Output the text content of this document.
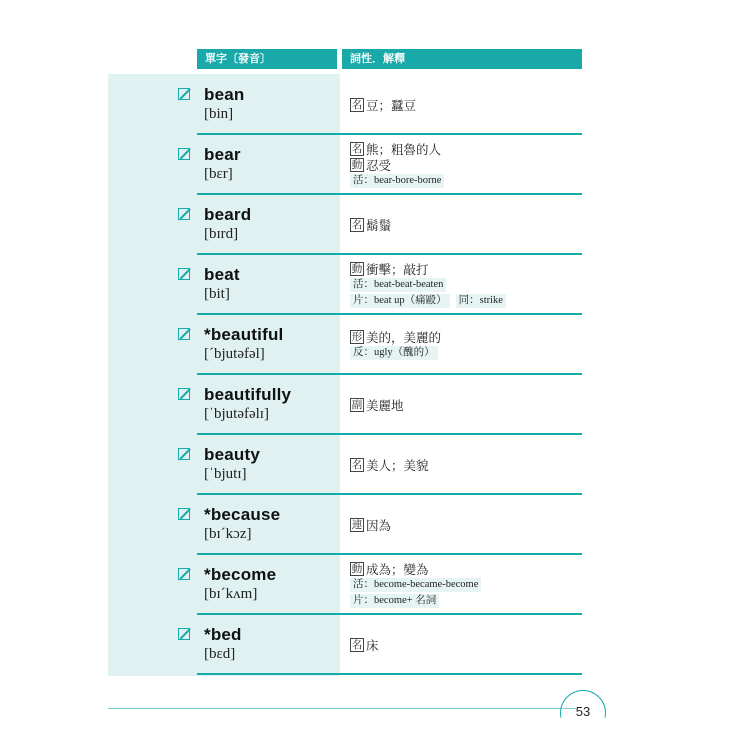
單字〔發音〕	詞性．解釋
bean
[bin]
名 豆；蠶豆
bear
[bɛr]
名 熊；粗魯的人
動 忍受
活：bear-bore-borne
beard
[bɪrd]
名 鬍鬚
beat
[bit]
動 衝擊；敲打
活：beat-beat-beaten
片：beat up（痛毆） 同：strike
*beautiful
[ˊbjutəfəl]
形 美的，美麗的
反：ugly（醜的）
beautifully
[ˈbjutəfəlɪ]
副 美麗地
beauty
[ˈbjutɪ]
名 美人；美貌
*because
[bɪˊkɔz]
連 因為
*become
[bɪˊkʌm]
動 成為；變為
活：become-became-become
片：become+ 名詞
*bed
[bɛd]
名 床
53
